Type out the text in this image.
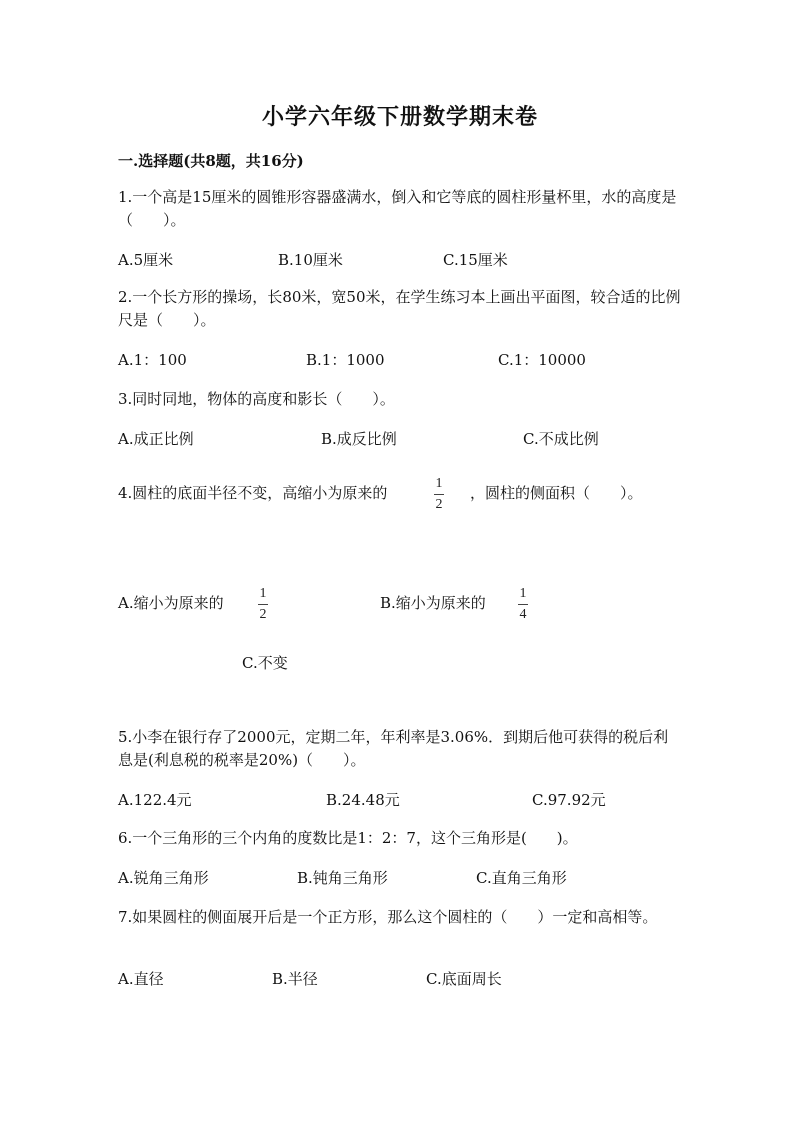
小学六年级下册数学期末卷
一.选择题(共8题，共16分)
1.一个高是15厘米的圆锥形容器盛满水，倒入和它等底的圆柱形量杯里，水的高度是（　　）。
A.5厘米	B.10厘米	C.15厘米
2.一个长方形的操场，长80米，宽50米，在学生练习本上画出平面图，较合适的比例尺是（　　）。
A.1：100	B.1：1000	C.1：10000
3.同时同地，物体的高度和影长（　　）。
A.成正比例	B.成反比例	C.不成比例
4.圆柱的底面半径不变，高缩小为原来的
1
2
，圆柱的侧面积（　　）。
A.缩小为原来的
1
2
B.缩小为原来的
1
4
C.不变
5.小李在银行存了2000元，定期二年，年利率是3.06%．到期后他可获得的税后利息是(利息税的税率是20%)（　　）。
A.122.4元	B.24.48元	C.97.92元
6.一个三角形的三个内角的度数比是1：2：7，这个三角形是(　　)。
A.锐角三角形	B.钝角三角形	C.直角三角形
7.如果圆柱的侧面展开后是一个正方形，那么这个圆柱的（　　）一定和高相等。
A.直径	B.半径	C.底面周长
